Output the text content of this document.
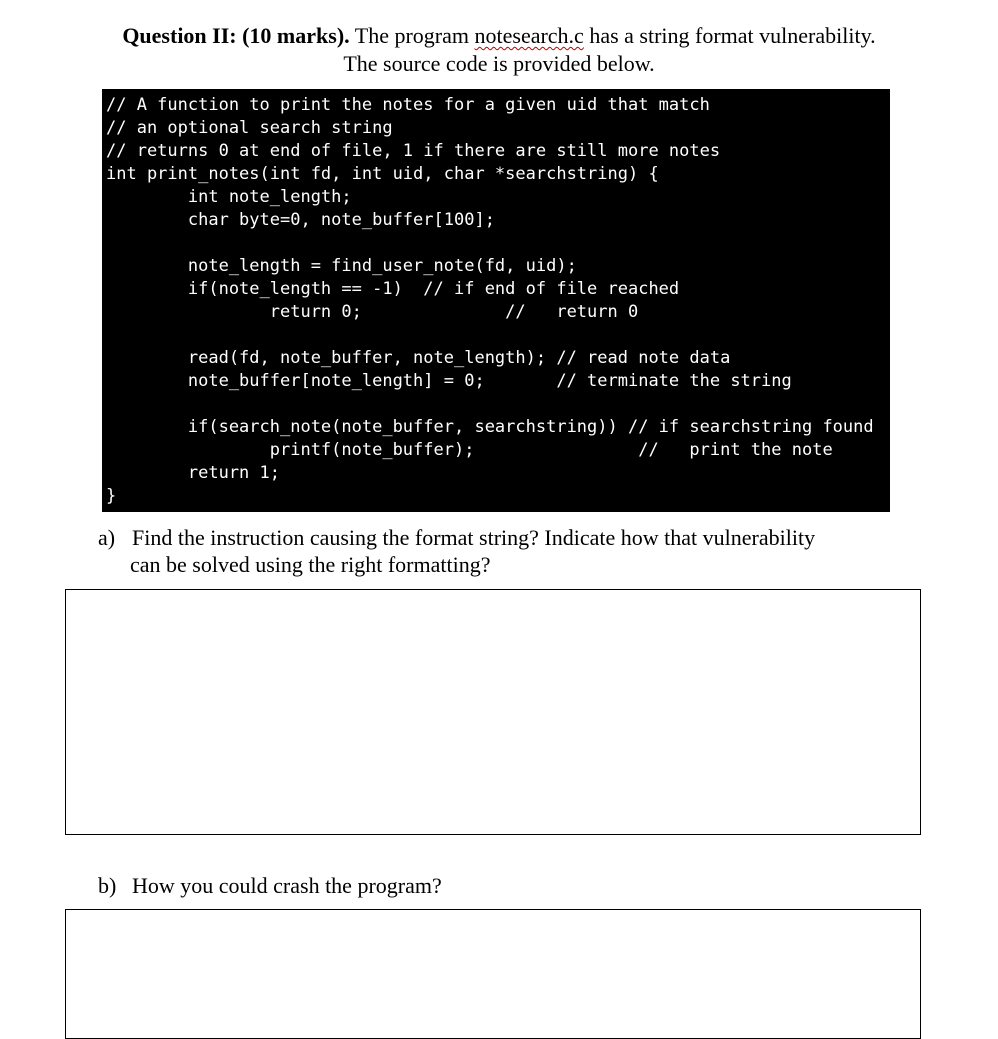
Question II: (10 marks). The program notesearch.c has a string format vulnerability.
The source code is provided below.
// A function to print the notes for a given uid that match
// an optional search string
// returns 0 at end of file, 1 if there are still more notes
int print_notes(int fd, int uid, char *searchstring) {
int note_length;
char byte=0, note_buffer[100];
note_length = find_user_note(fd, uid);
if(note_length == -1)  // if end of file reached
return 0;              //   return 0
read(fd, note_buffer, note_length); // read note data
note_buffer[note_length] = 0;       // terminate the string
if(search_note(note_buffer, searchstring)) // if searchstring found
printf(note_buffer);                //   print the note
return 1;
}
a) Find the instruction causing the format string? Indicate how that vulnerability
can be solved using the right formatting?
b) How you could crash the program?
